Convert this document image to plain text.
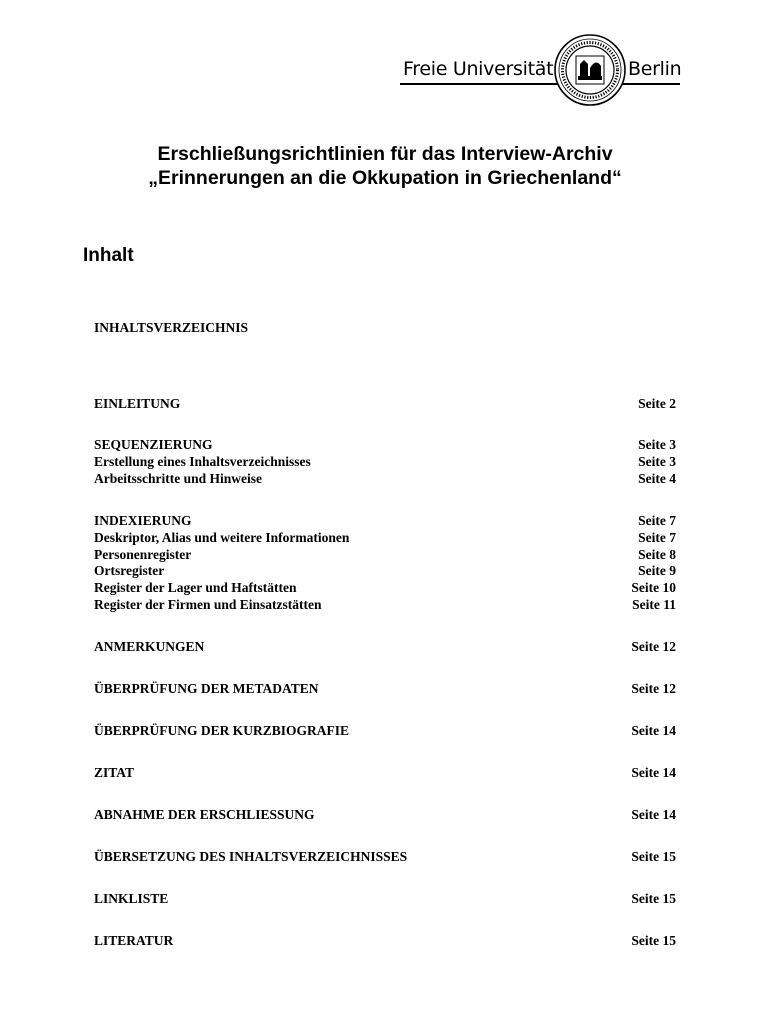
Freie Universität	Berlin
Erschließungsrichtlinien für das Interview-Archiv
„Erinnerungen an die Okkupation in Griechenland“
Inhalt
INHALTSVERZEICHNIS
EINLEITUNG	Seite 2
SEQUENZIERUNG	Seite 3
Erstellung eines Inhaltsverzeichnisses	Seite 3
Arbeitsschritte und Hinweise	Seite 4
INDEXIERUNG	Seite 7
Deskriptor, Alias und weitere Informationen	Seite 7
Personenregister	Seite 8
Ortsregister	Seite 9
Register der Lager und Haftstätten	Seite 10
Register der Firmen und Einsatzstätten	Seite 11
ANMERKUNGEN	Seite 12
ÜBERPRÜFUNG DER METADATEN	Seite 12
ÜBERPRÜFUNG DER KURZBIOGRAFIE	Seite 14
ZITAT	Seite 14
ABNAHME DER ERSCHLIESSUNG	Seite 14
ÜBERSETZUNG DES INHALTSVERZEICHNISSES	Seite 15
LINKLISTE	Seite 15
LITERATUR	Seite 15
